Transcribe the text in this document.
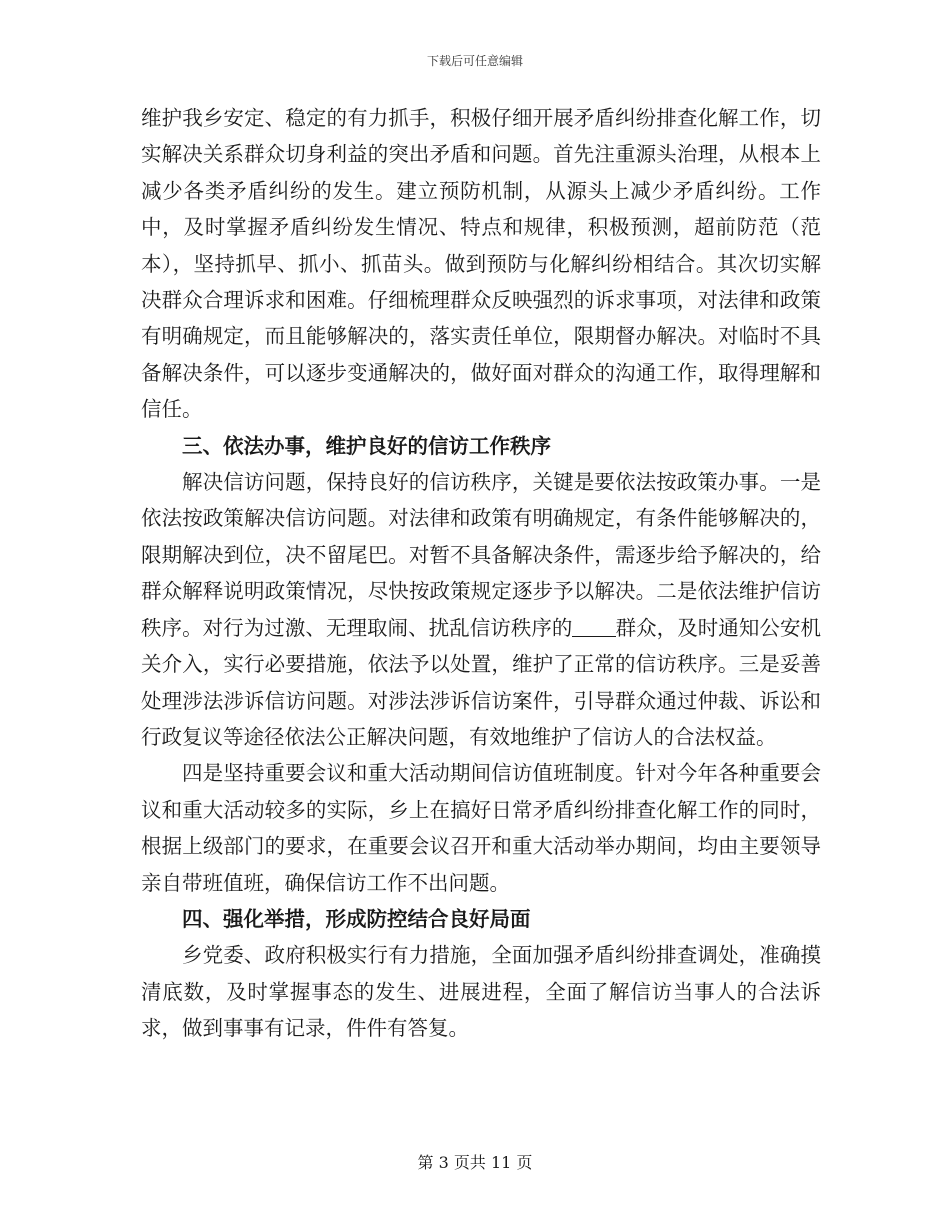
下载后可任意编辑

维护我乡安定、稳定的有力抓手，积极仔细开展矛盾纠纷排查化解工作，切实解决关系群众切身利益的突出矛盾和问题。首先注重源头治理，从根本上减少各类矛盾纠纷的发生。建立预防机制，从源头上减少矛盾纠纷。工作中，及时掌握矛盾纠纷发生情况、特点和规律，积极预测，超前防范（范本），坚持抓早、抓小、抓苗头。做到预防与化解纠纷相结合。其次切实解决群众合理诉求和困难。仔细梳理群众反映强烈的诉求事项，对法律和政策有明确规定，而且能够解决的，落实责任单位，限期督办解决。对临时不具备解决条件，可以逐步变通解决的，做好面对群众的沟通工作，取得理解和信任。

三、依法办事，维护良好的信访工作秩序

解决信访问题，保持良好的信访秩序，关键是要依法按政策办事。一是依法按政策解决信访问题。对法律和政策有明确规定，有条件能够解决的，限期解决到位，决不留尾巴。对暂不具备解决条件，需逐步给予解决的，给群众解释说明政策情况，尽快按政策规定逐步予以解决。二是依法维护信访秩序。对行为过激、无理取闹、扰乱信访秩序的 群众，及时通知公安机关介入，实行必要措施，依法予以处置，维护了正常的信访秩序。三是妥善处理涉法涉诉信访问题。对涉法涉诉信访案件，引导群众通过仲裁、诉讼和行政复议等途径依法公正解决问题，有效地维护了信访人的合法权益。

四是坚持重要会议和重大活动期间信访值班制度。针对今年各种重要会议和重大活动较多的实际，乡上在搞好日常矛盾纠纷排查化解工作的同时，根据上级部门的要求，在重要会议召开和重大活动举办期间，均由主要领导亲自带班值班，确保信访工作不出问题。

四、强化举措，形成防控结合良好局面

乡党委、政府积极实行有力措施，全面加强矛盾纠纷排查调处，准确摸清底数，及时掌握事态的发生、进展进程，全面了解信访当事人的合法诉求，做到事事有记录，件件有答复。

第 3 页共 11 页
